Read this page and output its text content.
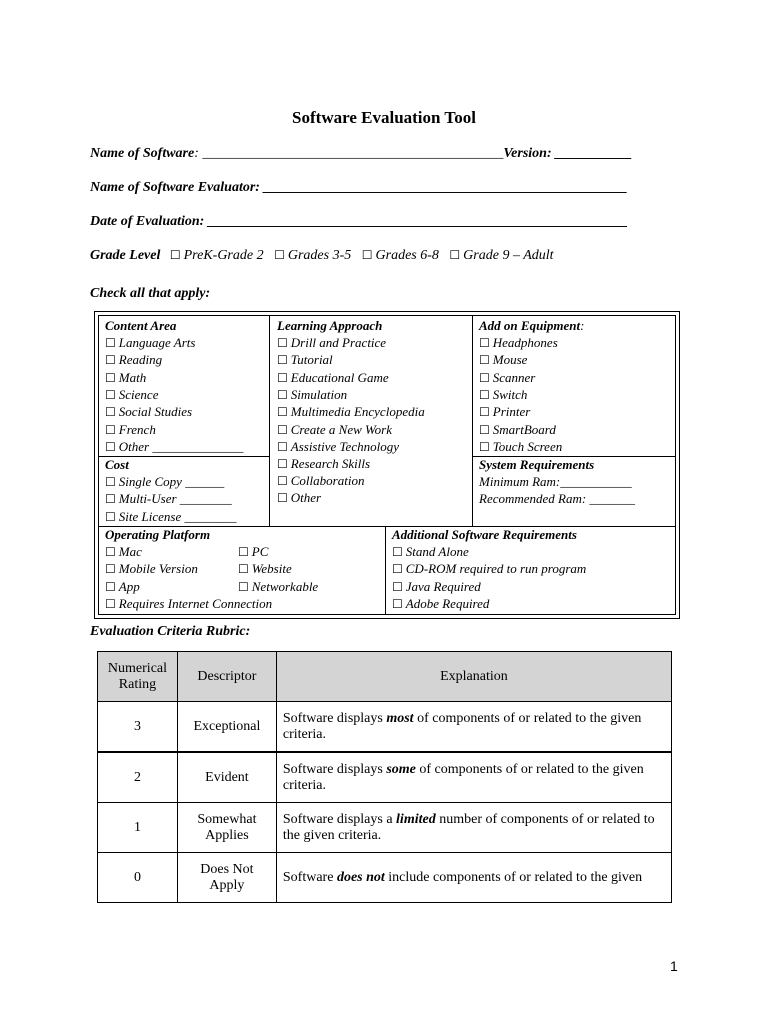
Software Evaluation Tool
Name of Software: ___________________________________________Version: ___________
Name of Software Evaluator: ____________________________________________________
Date of Evaluation: ____________________________________________________________
Grade Level ☐ PreK-Grade 2 ☐ Grades 3-5 ☐ Grades 6-8 ☐ Grade 9 – Adult
Check all that apply:
Content Area
☐ Language Arts
☐ Reading
☐ Math
☐ Science
☐ Social Studies
☐ French
☐ Other ______________
Cost
☐ Single Copy ______
☐ Multi-User ________
☐ Site License ________
Learning Approach
☐ Drill and Practice
☐ Tutorial
☐ Educational Game
☐ Simulation
☐ Multimedia Encyclopedia
☐ Create a New Work
☐ Assistive Technology
☐ Research Skills
☐ Collaboration
☐ Other
Add on Equipment:
☐ Headphones
☐ Mouse
☐ Scanner
☐ Switch
☐ Printer
☐ SmartBoard
☐ Touch Screen
System Requirements
Minimum Ram:___________
Recommended Ram: _______
Operating Platform
☐ Mac
☐ Mobile Version
☐ App
☐ PC
☐ Website
☐ Networkable
☐ Requires Internet Connection
Additional Software Requirements
☐ Stand Alone
☐ CD-ROM required to run program
☐ Java Required
☐ Adobe Required
Evaluation Criteria Rubric:
Numerical Rating	Descriptor	Explanation
3	Exceptional	Software displays most of components of or related to the given criteria.
2	Evident	Software displays some of components of or related to the given criteria.
1	Somewhat Applies	Software displays a limited number of components of or related to the given criteria.
0	Does Not Apply	Software does not include components of or related to the given
1
